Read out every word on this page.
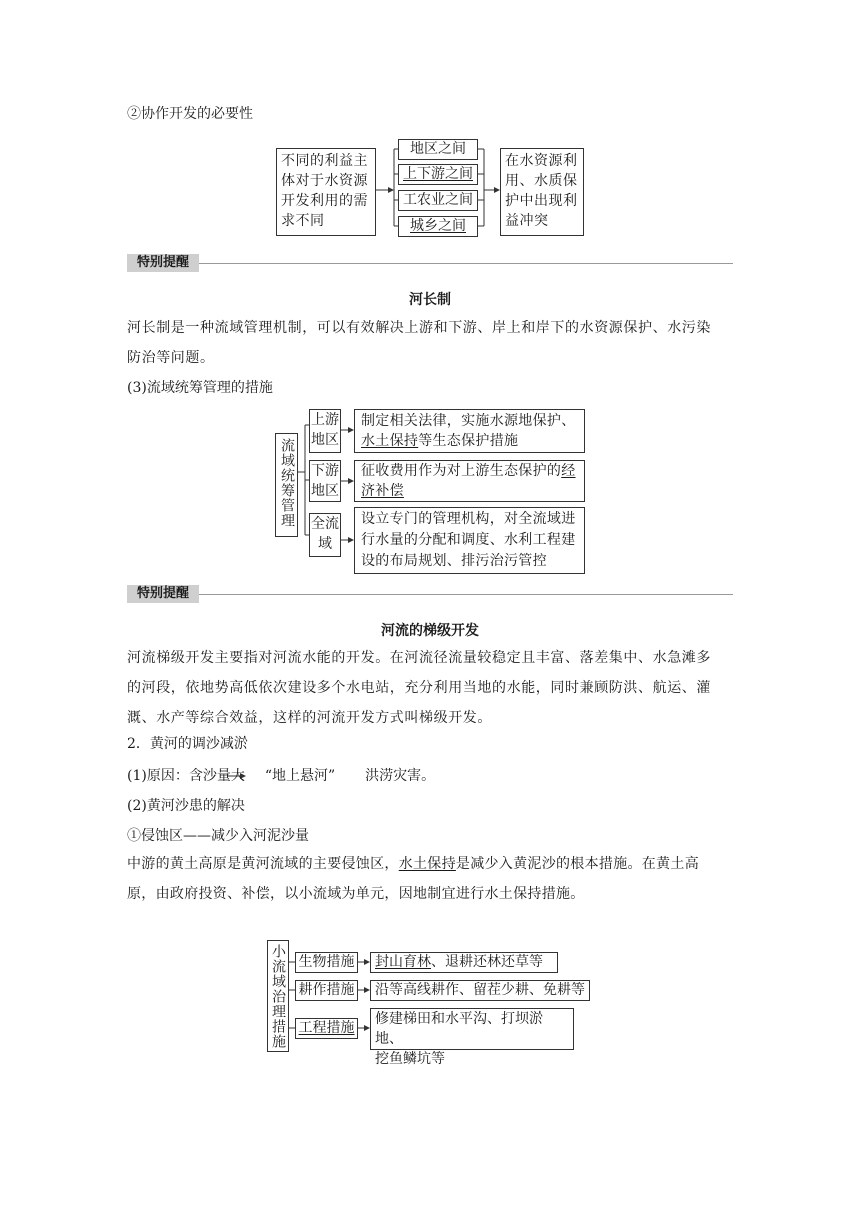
②协作开发的必要性
不同的利益主
体对于水资源
开发利用的需
求不同
地区之间
上下游之间
工农业之间
城乡之间
在水资源利
用、水质保
护中出现利
益冲突
特别提醒
河长制
河长制是一种流域管理机制，可以有效解决上游和下游、岸上和岸下的水资源保护、水污染
防治等问题。
(3)流域统筹管理的措施
流域统筹管理
上游
地区
制定相关法律，实施水源地保护、
水土保持等生态保护措施
下游
地区
征收费用作为对上游生态保护的经
济补偿
全流
域
设立专门的管理机构，对全流域进
行水量的分配和调度、水利工程建
设的布局规划、排污治污管控
特别提醒
河流的梯级开发
河流梯级开发主要指对河流水能的开发。在河流径流量较稳定且丰富、落差集中、水急滩多
的河段，依地势高低依次建设多个水电站，充分利用当地的水能，同时兼顾防洪、航运、灌
溉、水产等综合效益，这样的河流开发方式叫梯级开发。
2．黄河的调沙减淤
(1)原因：含沙量大 “地上悬河” 洪涝灾害。
(2)黄河沙患的解决
①侵蚀区——减少入河泥沙量
中游的黄土高原是黄河流域的主要侵蚀区，水土保持是减少入黄泥沙的根本措施。在黄土高
原，由政府投资、补偿，以小流域为单元，因地制宜进行水土保持措施。
小流域治理措施 生物措施	封山育林、退耕还林还草等
耕作措施	沿等高线耕作、留茬少耕、免耕等
工程措施
修建梯田和水平沟、打坝淤地、
挖鱼鳞坑等
